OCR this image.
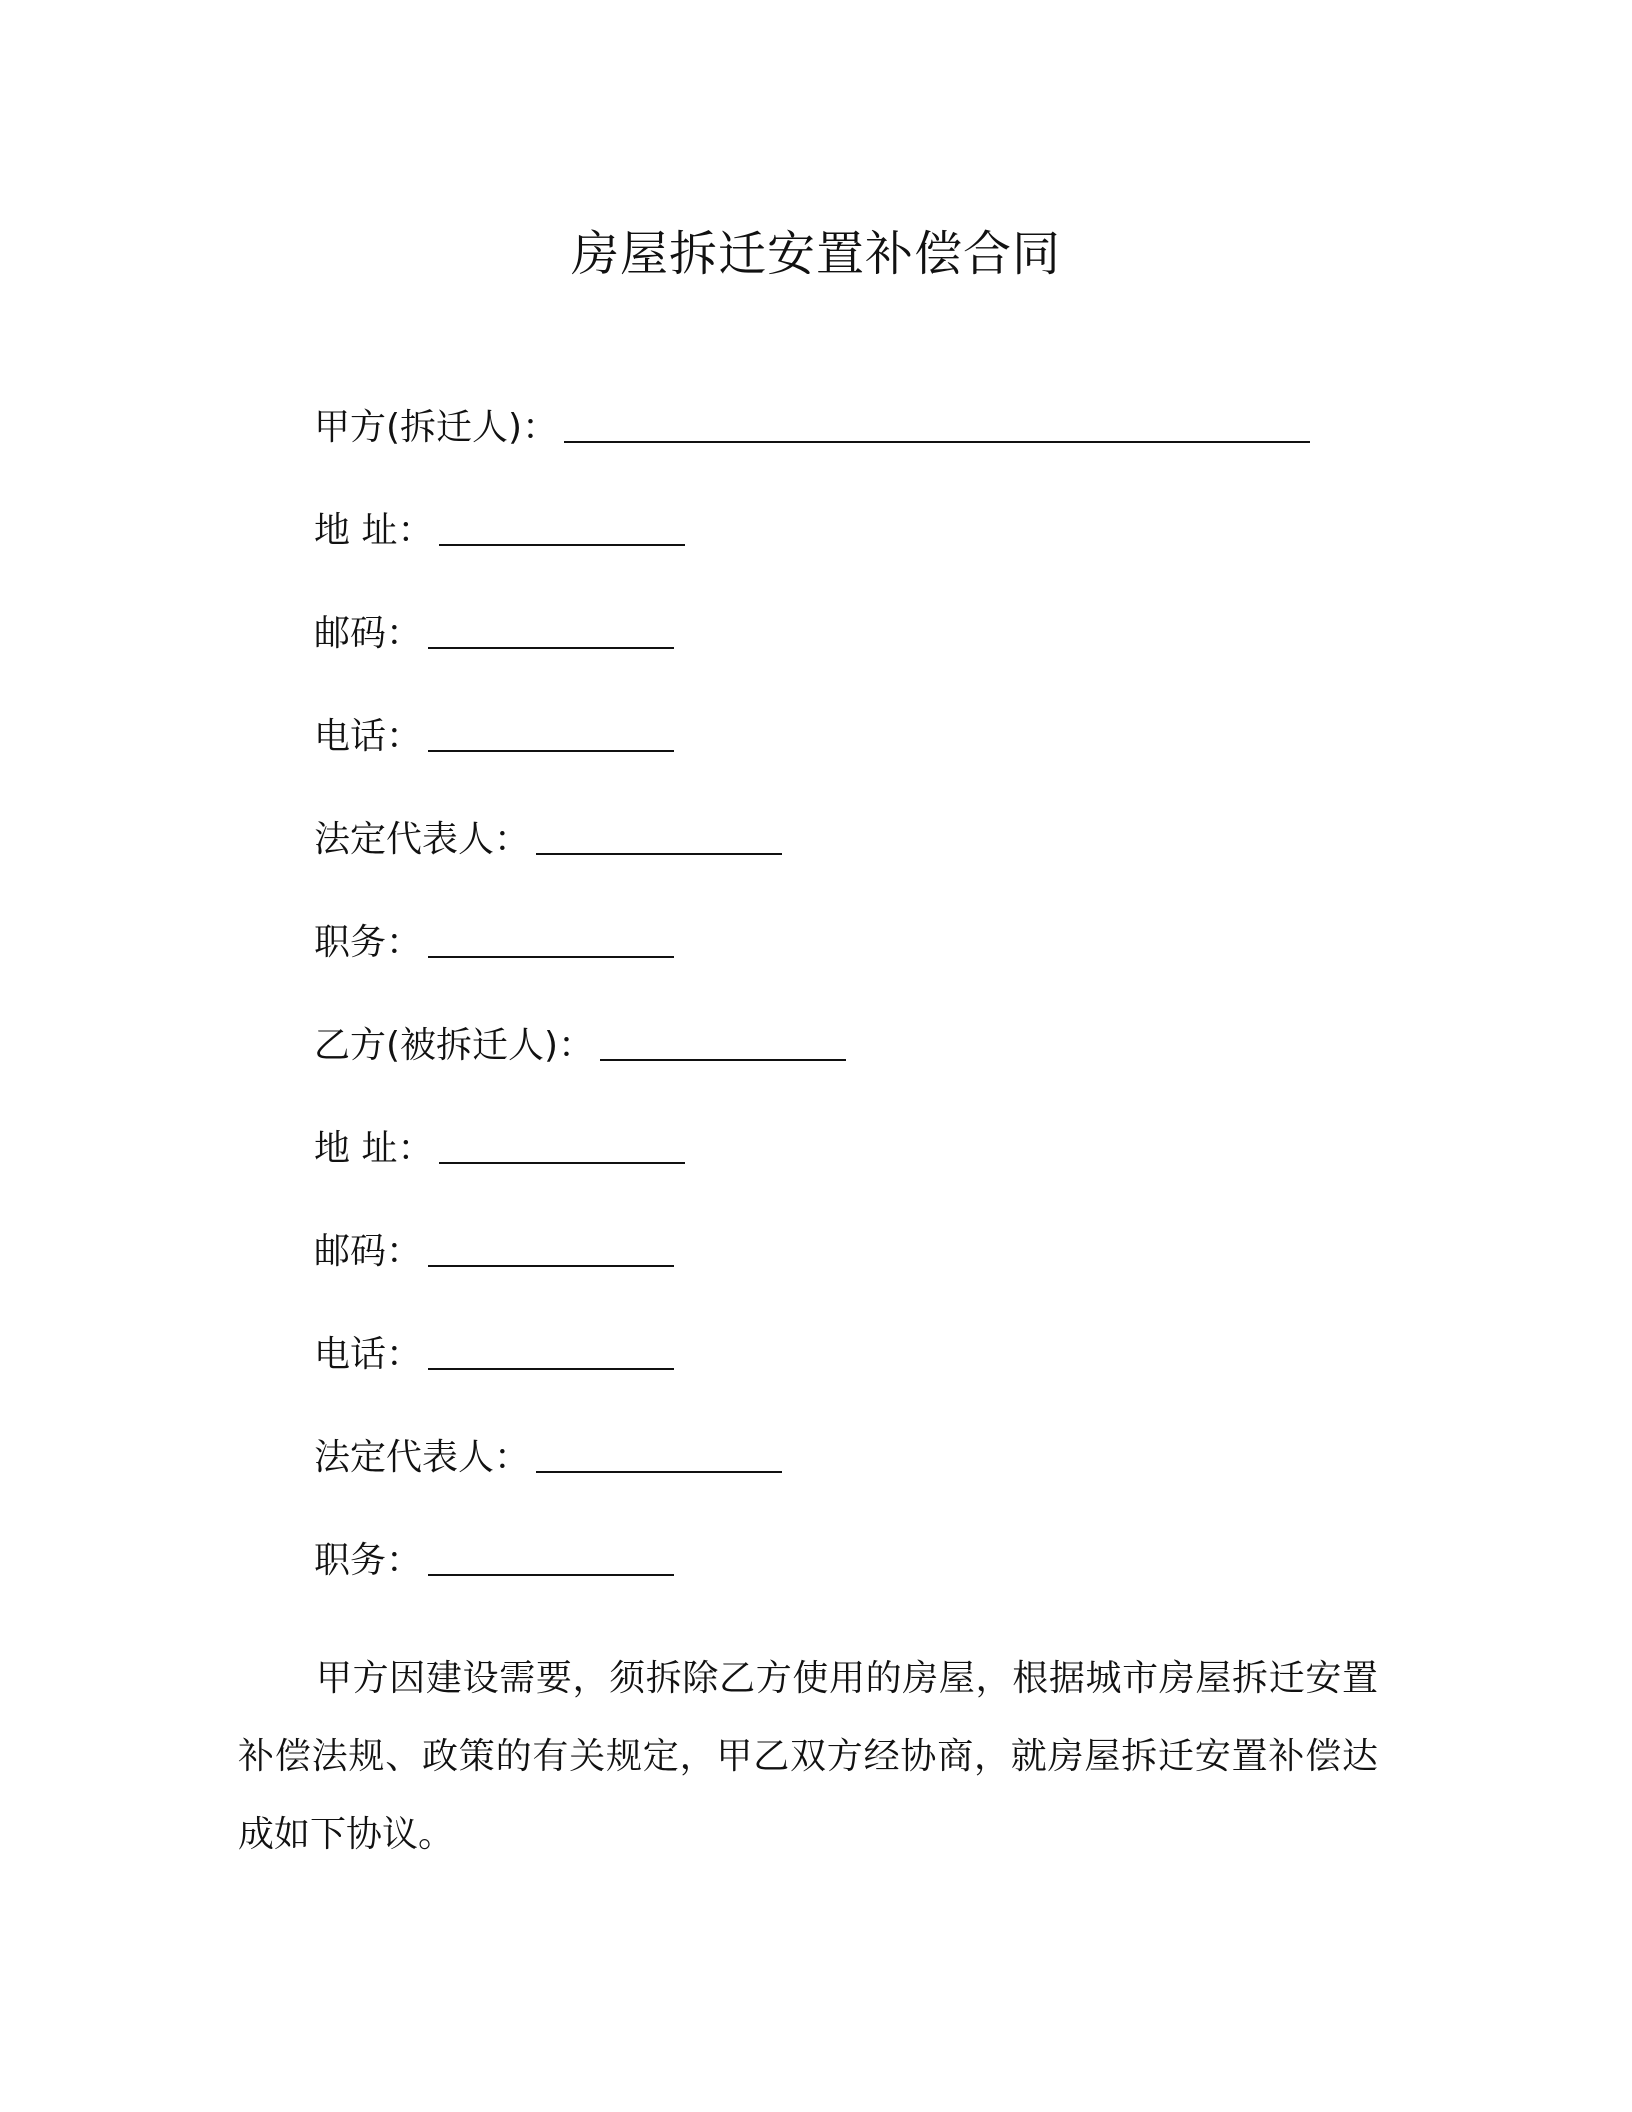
房屋拆迁安置补偿合同
甲方(拆迁人)：
地 址：
邮码：
电话：
法定代表人：
职务：
乙方(被拆迁人)：
地 址：
邮码：
电话：
法定代表人：
职务：

甲方因建设需要，须拆除乙方使用的房屋，根据城市房屋拆迁安置补偿法规、政策的有关规定，甲乙双方经协商，就房屋拆迁安置补偿达成如下协议。
